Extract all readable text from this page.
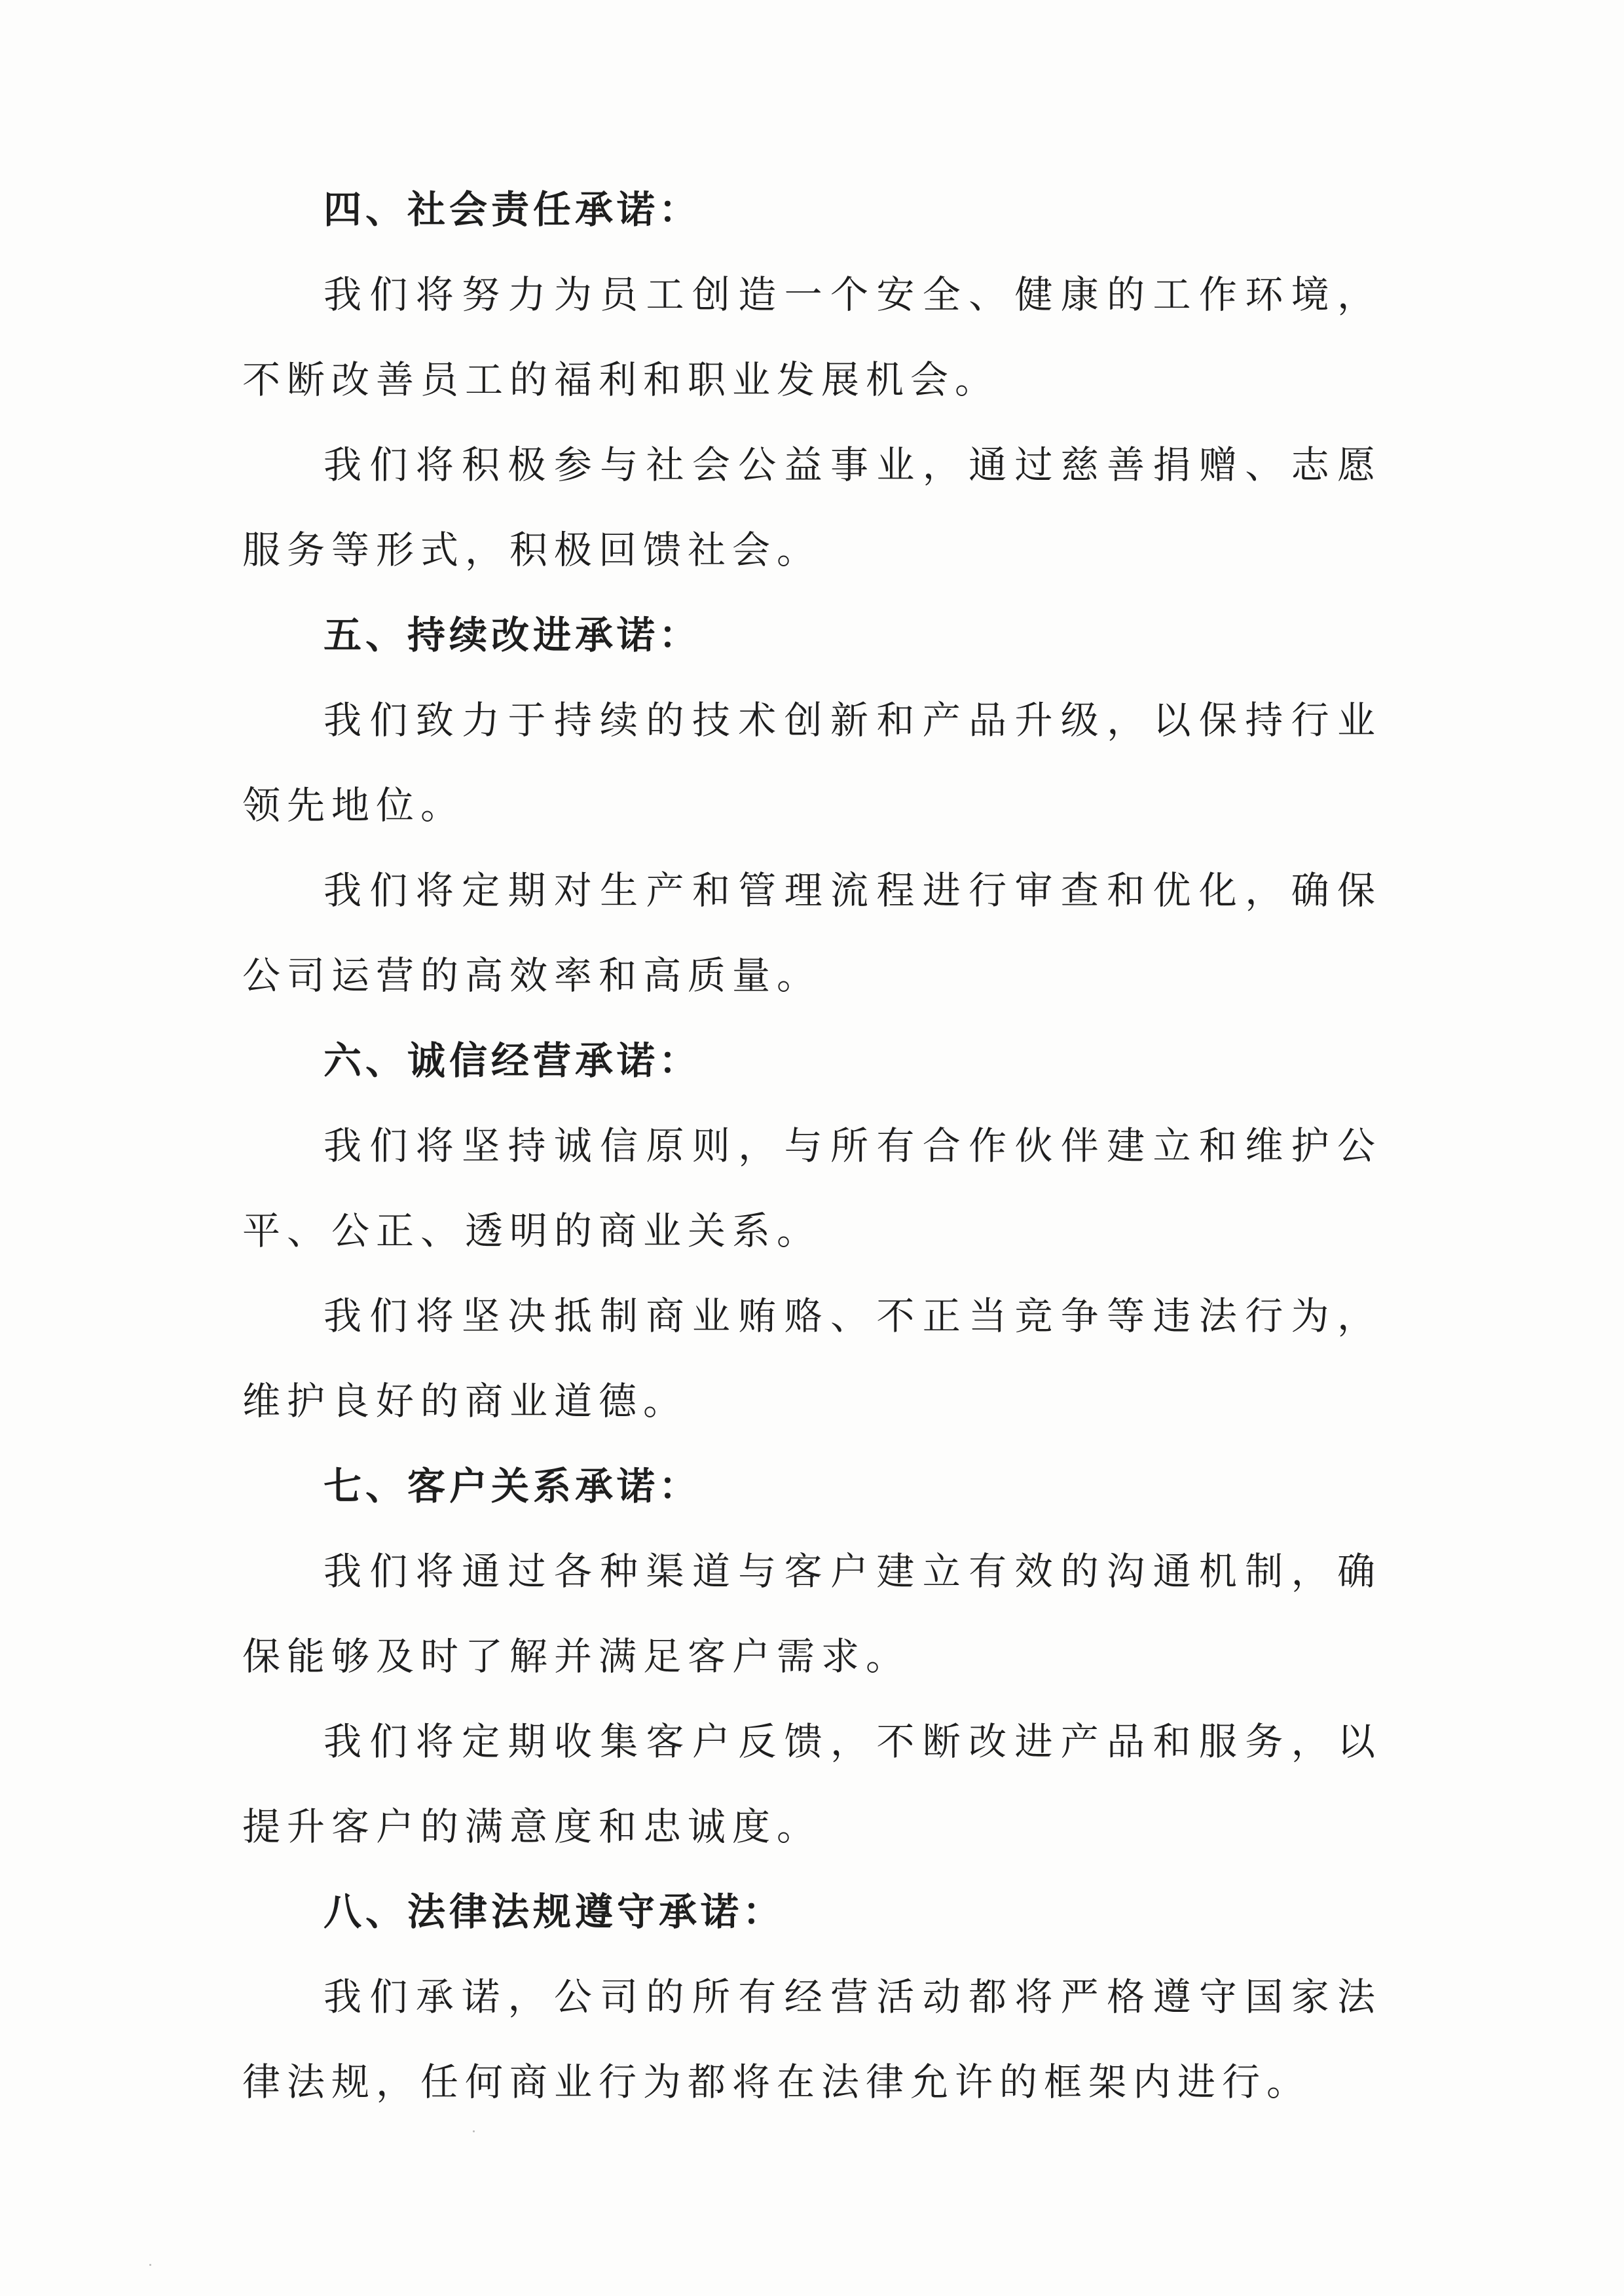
四、社会责任承诺：

我们将努力为员工创造一个安全、健康的工作环境，不断改善员工的福利和职业发展机会。

我们将积极参与社会公益事业，通过慈善捐赠、志愿服务等形式，积极回馈社会。

五、持续改进承诺：

我们致力于持续的技术创新和产品升级，以保持行业领先地位。

我们将定期对生产和管理流程进行审查和优化，确保公司运营的高效率和高质量。

六、诚信经营承诺：

我们将坚持诚信原则，与所有合作伙伴建立和维护公平、公正、透明的商业关系。

我们将坚决抵制商业贿赂、不正当竞争等违法行为，维护良好的商业道德。

七、客户关系承诺：

我们将通过各种渠道与客户建立有效的沟通机制，确保能够及时了解并满足客户需求。

我们将定期收集客户反馈，不断改进产品和服务，以提升客户的满意度和忠诚度。

八、法律法规遵守承诺：

我们承诺，公司的所有经营活动都将严格遵守国家法律法规，任何商业行为都将在法律允许的框架内进行。
